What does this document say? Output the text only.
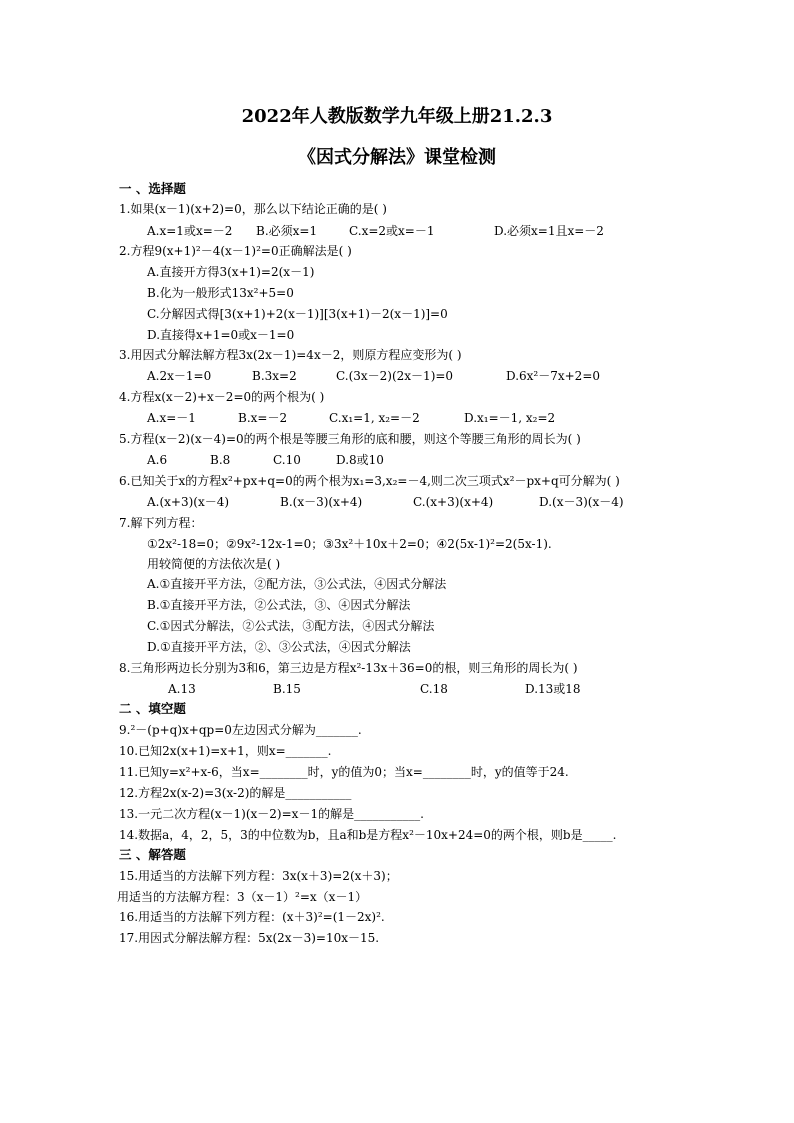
2022年人教版数学九年级上册21.2.3
《因式分解法》课堂检测
一 、选择题
1.如果(x－1)(x+2)=0，那么以下结论正确的是( )
A.x=1或x=－2 B.必须x=1	C.x=2或x=－1	D.必须x=1且x=－2
2.方程9(x+1)²－4(x－1)²=0正确解法是( )
A.直接开方得3(x+1)=2(x－1)
B.化为一般形式13x²+5=0
C.分解因式得[3(x+1)+2(x－1)][3(x+1)－2(x－1)]=0
D.直接得x+1=0或x－1=0
3.用因式分解法解方程3x(2x－1)=4x－2，则原方程应变形为( )
A.2x－1=0	B.3x=2	C.(3x－2)(2x－1)=0	D.6x²－7x+2=0
4.方程x(x－2)+x－2=0的两个根为( )
A.x=－1	B.x=－2	C.x₁=1, x₂=－2	D.x₁=－1, x₂=2
5.方程(x－2)(x－4)=0的两个根是等腰三角形的底和腰，则这个等腰三角形的周长为( )
A.6	B.8	C.10	D.8或10
6.已知关于x的方程x²+px+q=0的两个根为x₁=3,x₂=－4,则二次三项式x²－px+q可分解为( )
A.(x+3)(x－4)	B.(x－3)(x+4)	C.(x+3)(x+4)	D.(x－3)(x－4)
7.解下列方程：
①2x²-18=0；②9x²-12x-1=0；③3x²＋10x＋2=0；④2(5x-1)²=2(5x-1).
用较简便的方法依次是( )
A.①直接开平方法，②配方法，③公式法，④因式分解法
B.①直接开平方法，②公式法，③、④因式分解法
C.①因式分解法，②公式法，③配方法，④因式分解法
D.①直接开平方法，②、③公式法，④因式分解法
8.三角形两边长分别为3和6，第三边是方程x²-13x＋36=0的根，则三角形的周长为( )
A.13	B.15	C.18	D.13或18
二 、填空题
9.²－(p+q)x+qp=0左边因式分解为_______.
10.已知2x(x+1)=x+1，则x=_______.
11.已知y=x²+x-6，当x=________时，y的值为0；当x=________时，y的值等于24.
12.方程2x(x-2)=3(x-2)的解是___________
13.一元二次方程(x－1)(x－2)=x－1的解是___________.
14.数据a，4，2，5，3的中位数为b，且a和b是方程x²－10x+24=0的两个根，则b是_____.
三 、解答题
15.用适当的方法解下列方程：3x(x＋3)=2(x＋3)；
用适当的方法解方程：3（x－1）²=x（x－1）
16.用适当的方法解下列方程：(x＋3)²=(1－2x)².
17.用因式分解法解方程：5x(2x－3)=10x－15.
